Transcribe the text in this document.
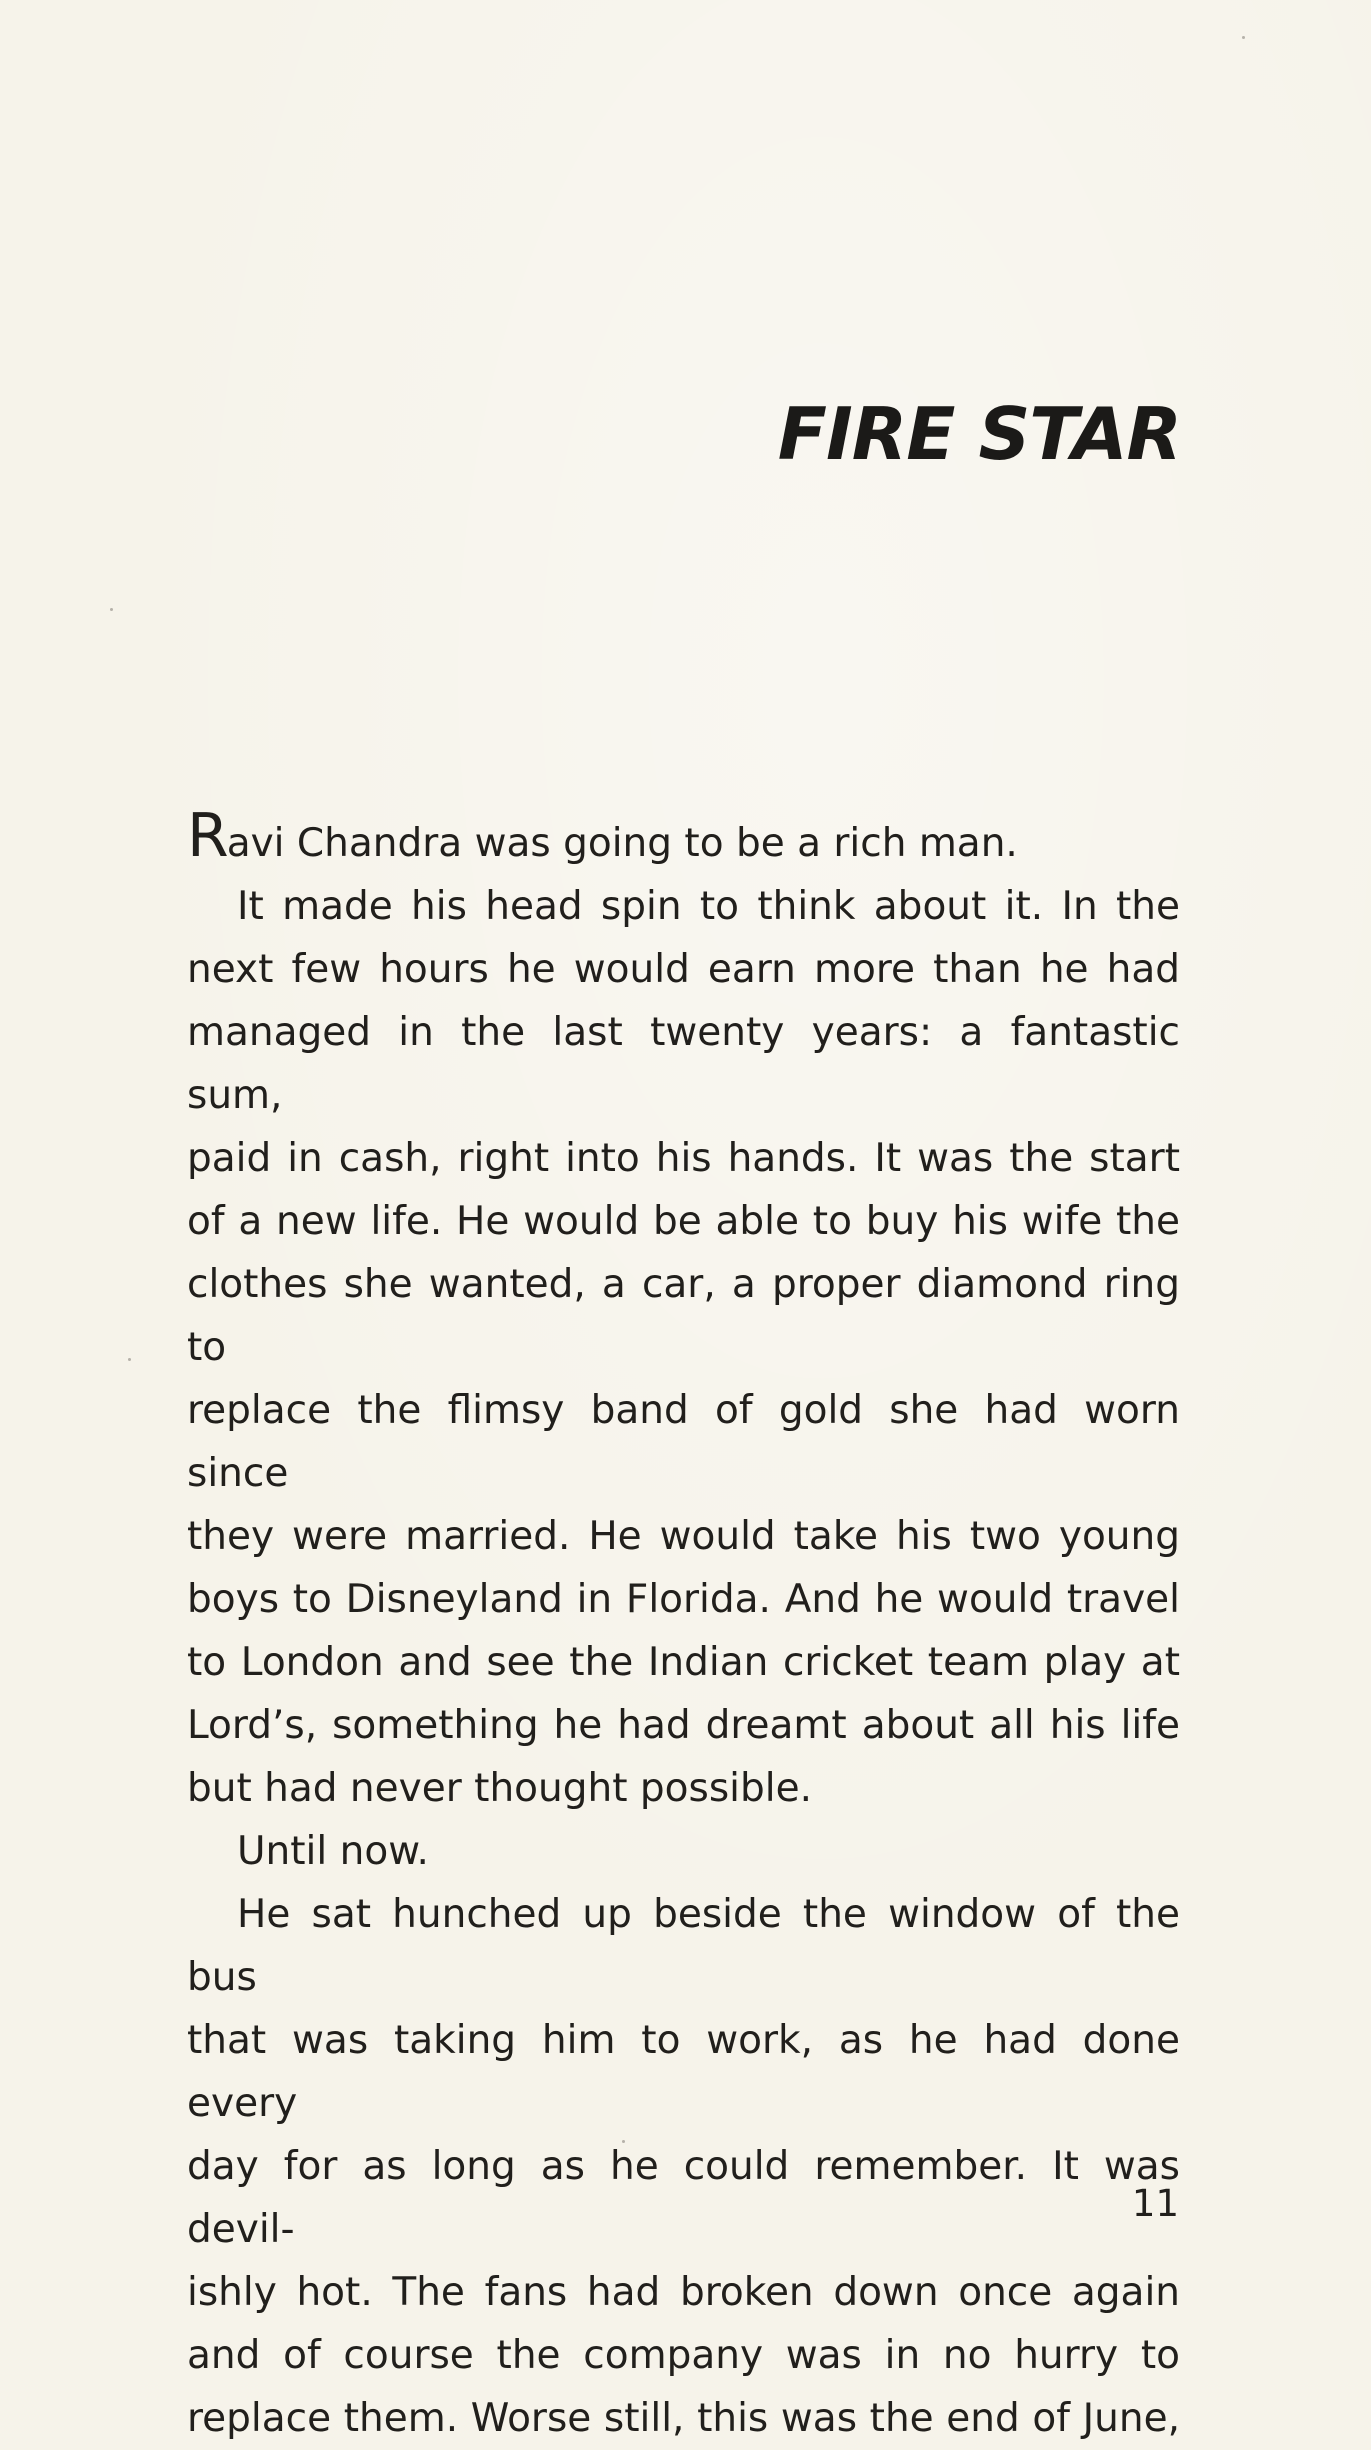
FIRE STAR

Ravi Chandra was going to be a rich man.

It made his head spin to think about it. In the
next few hours he would earn more than he had
managed in the last twenty years: a fantastic sum,
paid in cash, right into his hands. It was the start
of a new life. He would be able to buy his wife the
clothes she wanted, a car, a proper diamond ring to
replace the flimsy band of gold she had worn since
they were married. He would take his two young
boys to Disneyland in Florida. And he would travel
to London and see the Indian cricket team play at
Lord’s, something he had dreamt about all his life
but had never thought possible.
Until now.
He sat hunched up beside the window of the bus
that was taking him to work, as he had done every
day for as long as he could remember. It was devil-
ishly hot. The fans had broken down once again
and of course the company was in no hurry to
replace them. Worse still, this was the end of June,
11
